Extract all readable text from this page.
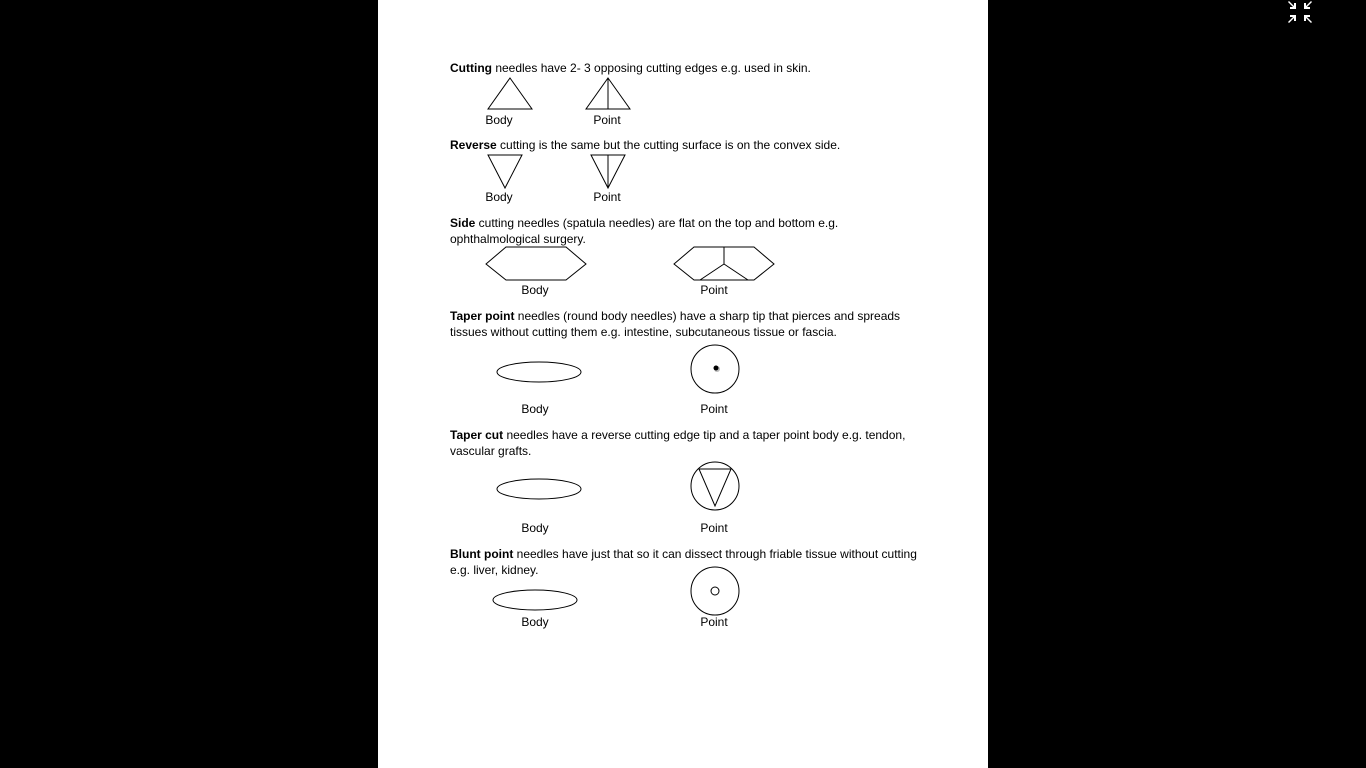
Cutting needles have 2- 3 opposing cutting edges e.g. used in skin.
Body	Point
Reverse cutting is the same but the cutting surface is on the convex side.
Body	Point
Side cutting needles (spatula needles) are flat on the top and bottom e.g. ophthalmological surgery.
Body	Point
Taper point needles (round body needles) have a sharp tip that pierces and spreads tissues without cutting them e.g. intestine, subcutaneous tissue or fascia.
Body	Point
Taper cut needles have a reverse cutting edge tip and a taper point body e.g. tendon, vascular grafts.
Body	Point
Blunt point needles have just that so it can dissect through friable tissue without cutting e.g. liver, kidney.
Body	Point
